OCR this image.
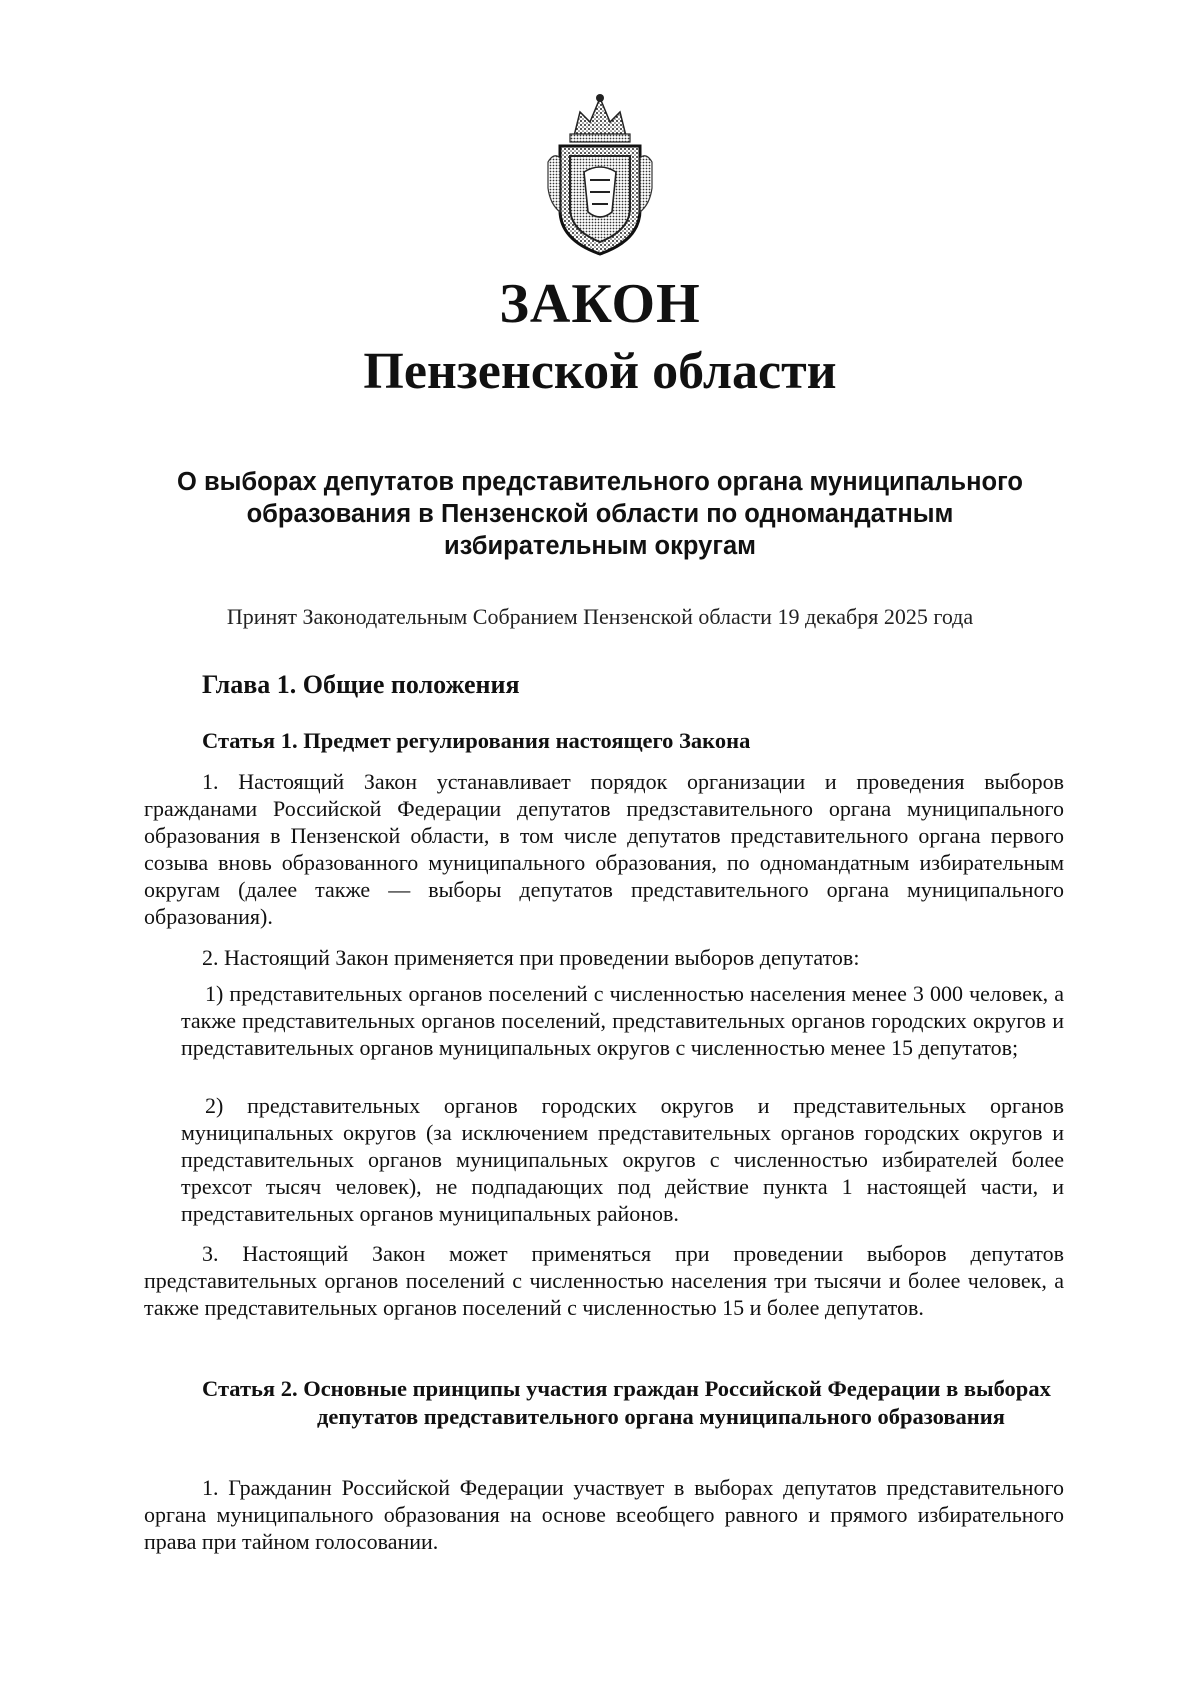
ЗАКОН
Пензенской области

О выборах депутатов представительного органа муниципального образования в Пензенской области по одномандатным избирательным округам

Принят Законодательным Собранием Пензенской области 19 декабря 2025 года

Глава 1. Общие положения
Статья 1. Предмет регулирования настоящего Закона

1. Настоящий Закон устанавливает порядок организации и проведения выборов гражданами Российской Федерации депутатов предзставительного органа муниципального образования в Пензенской области, в том числе депутатов представительного органа первого созыва вновь образованного муниципального образования, по одномандатным избирательным округам (далее также — выборы депутатов представительного органа муниципального образования).

2. Настоящий Закон применяется при проведении выборов депутатов:

1) представительных органов поселений с численностью населения менее 3 000 человек, а также представительных органов поселений, представительных органов городских округов и представительных органов муниципальных округов с численностью менее 15 депутатов;

2) представительных органов городских округов и представительных органов муниципальных округов (за исключением представительных органов городских округов и представительных органов муниципальных округов с численностью избирателей более трехсот тысяч человек), не подпадающих под действие пункта 1 настоящей части, и представительных органов муниципальных районов.

3. Настоящий Закон может применяться при проведении выборов депутатов представительных органов поселений с численностью населения три тысячи и более человек, а также представительных органов поселений с численностью 15 и более депутатов.

Статья 2. Основные принципы участия граждан Российской Федерации в выборах депутатов представительного органа муниципального образования

1. Гражданин Российской Федерации участвует в выборах депутатов представительного органа муниципального образования на основе всеобщего равного и прямого избирательного права при тайном голосовании.
